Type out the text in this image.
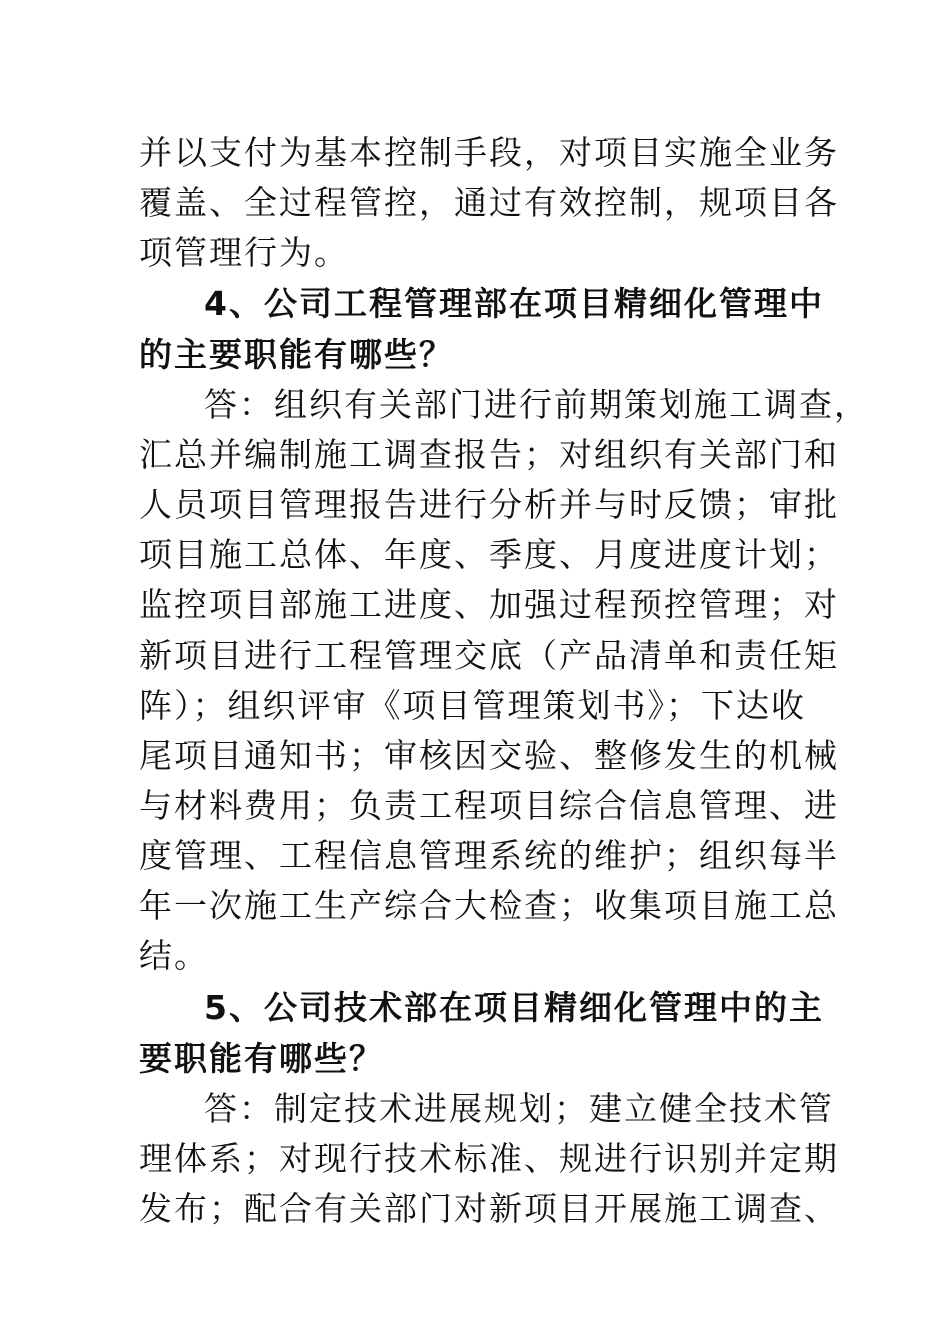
并以支付为基本控制手段，对项目实施全业务
覆盖、全过程管控，通过有效控制，规项目各
项管理行为。
4、公司工程管理部在项目精细化管理中
的主要职能有哪些？
答：组织有关部门进行前期策划施工调查，
汇总并编制施工调查报告；对组织有关部门和
人员项目管理报告进行分析并与时反馈；审批
项目施工总体、年度、季度、月度进度计划；
监控项目部施工进度、加强过程预控管理；对
新项目进行工程管理交底（产品清单和责任矩
阵）；组织评审《项目管理策划书》；下达收
尾项目通知书；审核因交验、整修发生的机械
与材料费用；负责工程项目综合信息管理、进
度管理、工程信息管理系统的维护；组织每半
年一次施工生产综合大检查；收集项目施工总
结。
5、公司技术部在项目精细化管理中的主
要职能有哪些？
答：制定技术进展规划；建立健全技术管
理体系；对现行技术标准、规进行识别并定期
发布；配合有关部门对新项目开展施工调查、
